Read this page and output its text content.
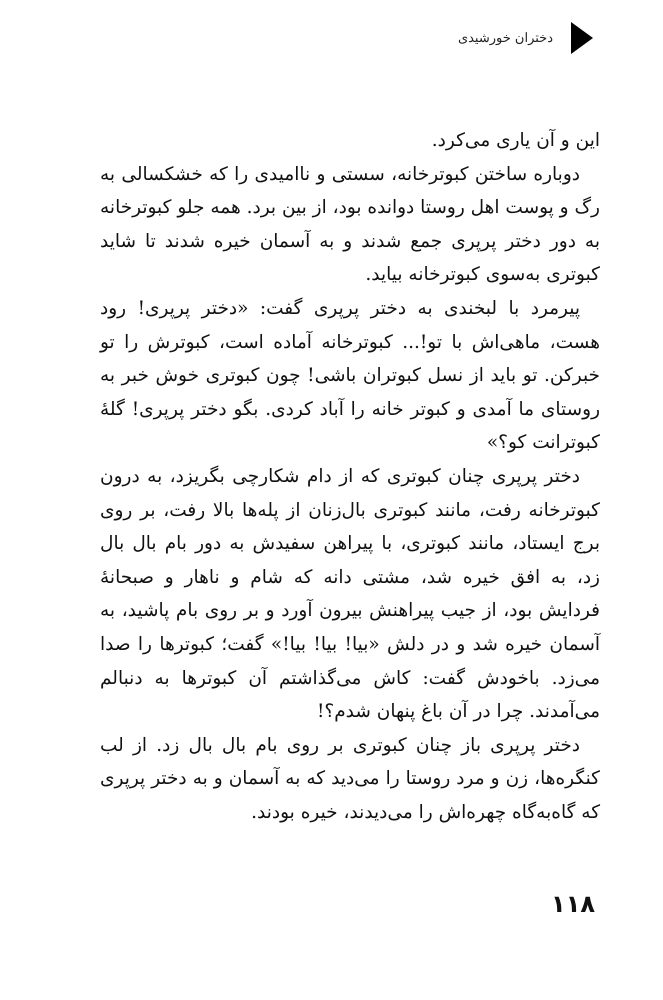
دختران خورشیدی

این و آن یاری می‌کرد.

دوباره ساختن کبوترخانه، سستی و ناامیدی را که خشکسالی به رگ و پوست اهل روستا دوانده بود، از بین برد. همه جلو کبوترخانه به دور دختر پرپری جمع شدند و به آسمان خیره شدند تا شاید کبوتری به‌سوی کبوترخانه بیاید.

پیرمرد با لبخندی به دختر پرپری گفت: «دختر پرپری! رود هست، ماهی‌اش با تو!... کبوترخانه آماده است، کبوترش را تو خبرکن. تو باید از نسل کبوتران باشی! چون کبوتری خوش خبر به روستای ما آمدی و کبوتر خانه را آباد کردی. بگو دختر پرپری! گلهٔ کبوترانت کو؟»

دختر پرپری چنان کبوتری که از دام شکارچی بگریزد، به درون کبوترخانه رفت، مانند کبوتری بال‌زنان از پله‌ها بالا رفت، بر روی برج ایستاد، مانند کبوتری، با پیراهن سفیدش به دور بام بال بال زد، به افق خیره شد، مشتی دانه که شام و ناهار و صبحانهٔ فردایش بود، از جیب پیراهنش بیرون آورد و بر روی بام پاشید، به آسمان خیره شد و در دلش «بیا! بیا! بیا!» گفت؛ کبوترها را صدا می‌زد. باخودش گفت: کاش می‌گذاشتم آن کبوترها به دنبالم می‌آمدند. چرا در آن باغ پنهان شدم؟!

دختر پرپری باز چنان کبوتری بر روی بام بال بال زد. از لب کنگره‌ها، زن و مرد روستا را می‌دید که به آسمان و به دختر پرپری که گاه‌به‌گاه چهره‌اش را می‌دیدند، خیره بودند.

۱۱۸
